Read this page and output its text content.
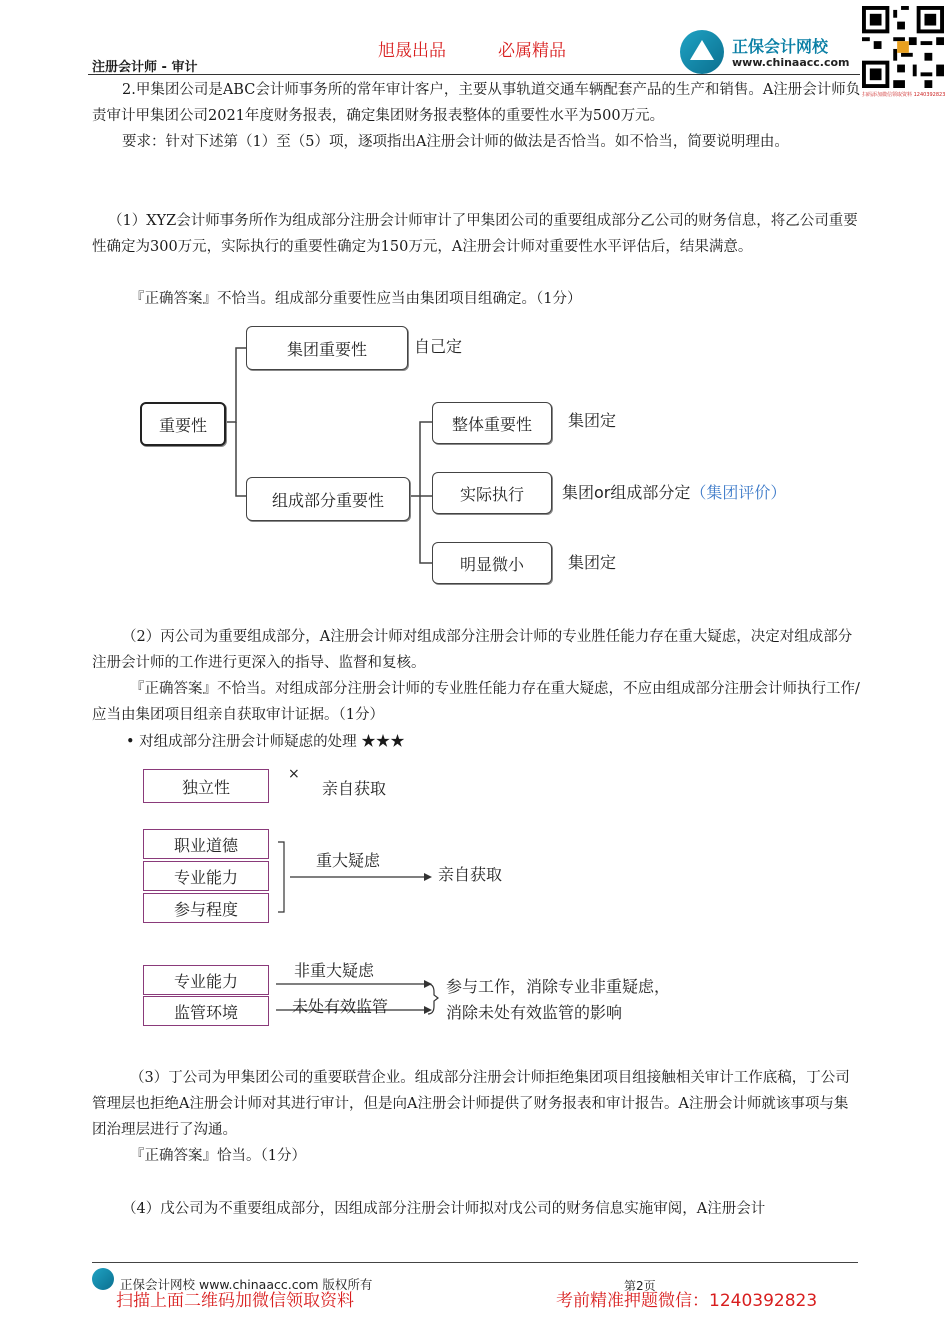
注册会计师 - 审计
旭晟出品	必属精品	正保会计网校
www.chinaacc.com
扫码添加微信领取资料 1240392823
2.甲集团公司是ABC会计师事务所的常年审计客户，主要从事轨道交通车辆配套产品的生产和销售。A注册会计师负责审计甲集团公司2021年度财务报表，确定集团财务报表整体的重要性水平为500万元。
要求：针对下述第（1）至（5）项，逐项指出A注册会计师的做法是否恰当。如不恰当，简要说明理由。
（1）XYZ会计师事务所作为组成部分注册会计师审计了甲集团公司的重要组成部分乙公司的财务信息，将乙公司重要性确定为300万元，实际执行的重要性确定为150万元，A注册会计师对重要性水平评估后，结果满意。
『正确答案』不恰当。组成部分重要性应当由集团项目组确定。（1分）
重要性
集团重要性	自己定
组成部分重要性
整体重要性	集团定
实际执行	集团or组成部分定（集团评价）
明显微小	集团定
（2）丙公司为重要组成部分，A注册会计师对组成部分注册会计师的专业胜任能力存在重大疑虑，决定对组成部分注册会计师的工作进行更深入的指导、监督和复核。
『正确答案』不恰当。对组成部分注册会计师的专业胜任能力存在重大疑虑，不应由组成部分注册会计师执行工作/应当由集团项目组亲自获取审计证据。（1分）
• 对组成部分注册会计师疑虑的处理 ★★★
独立性
×
亲自获取
职业道德
专业能力
参与程度
重大疑虑
亲自获取
专业能力
监管环境
非重大疑虑
未处有效监管
参与工作，消除专业非重疑虑，
消除未处有效监管的影响
（3）丁公司为甲集团公司的重要联营企业。组成部分注册会计师拒绝集团项目组接触相关审计工作底稿，丁公司管理层也拒绝A注册会计师对其进行审计，但是向A注册会计师提供了财务报表和审计报告。A注册会计师就该事项与集团治理层进行了沟通。
『正确答案』恰当。（1分）
（4）戊公司为不重要组成部分，因组成部分注册会计师拟对戊公司的财务信息实施审阅，A注册会计
正保会计网校 www.chinaacc.com 版权所有	第2页
扫描上面二维码加微信领取资料	考前精准押题微信：1240392823
